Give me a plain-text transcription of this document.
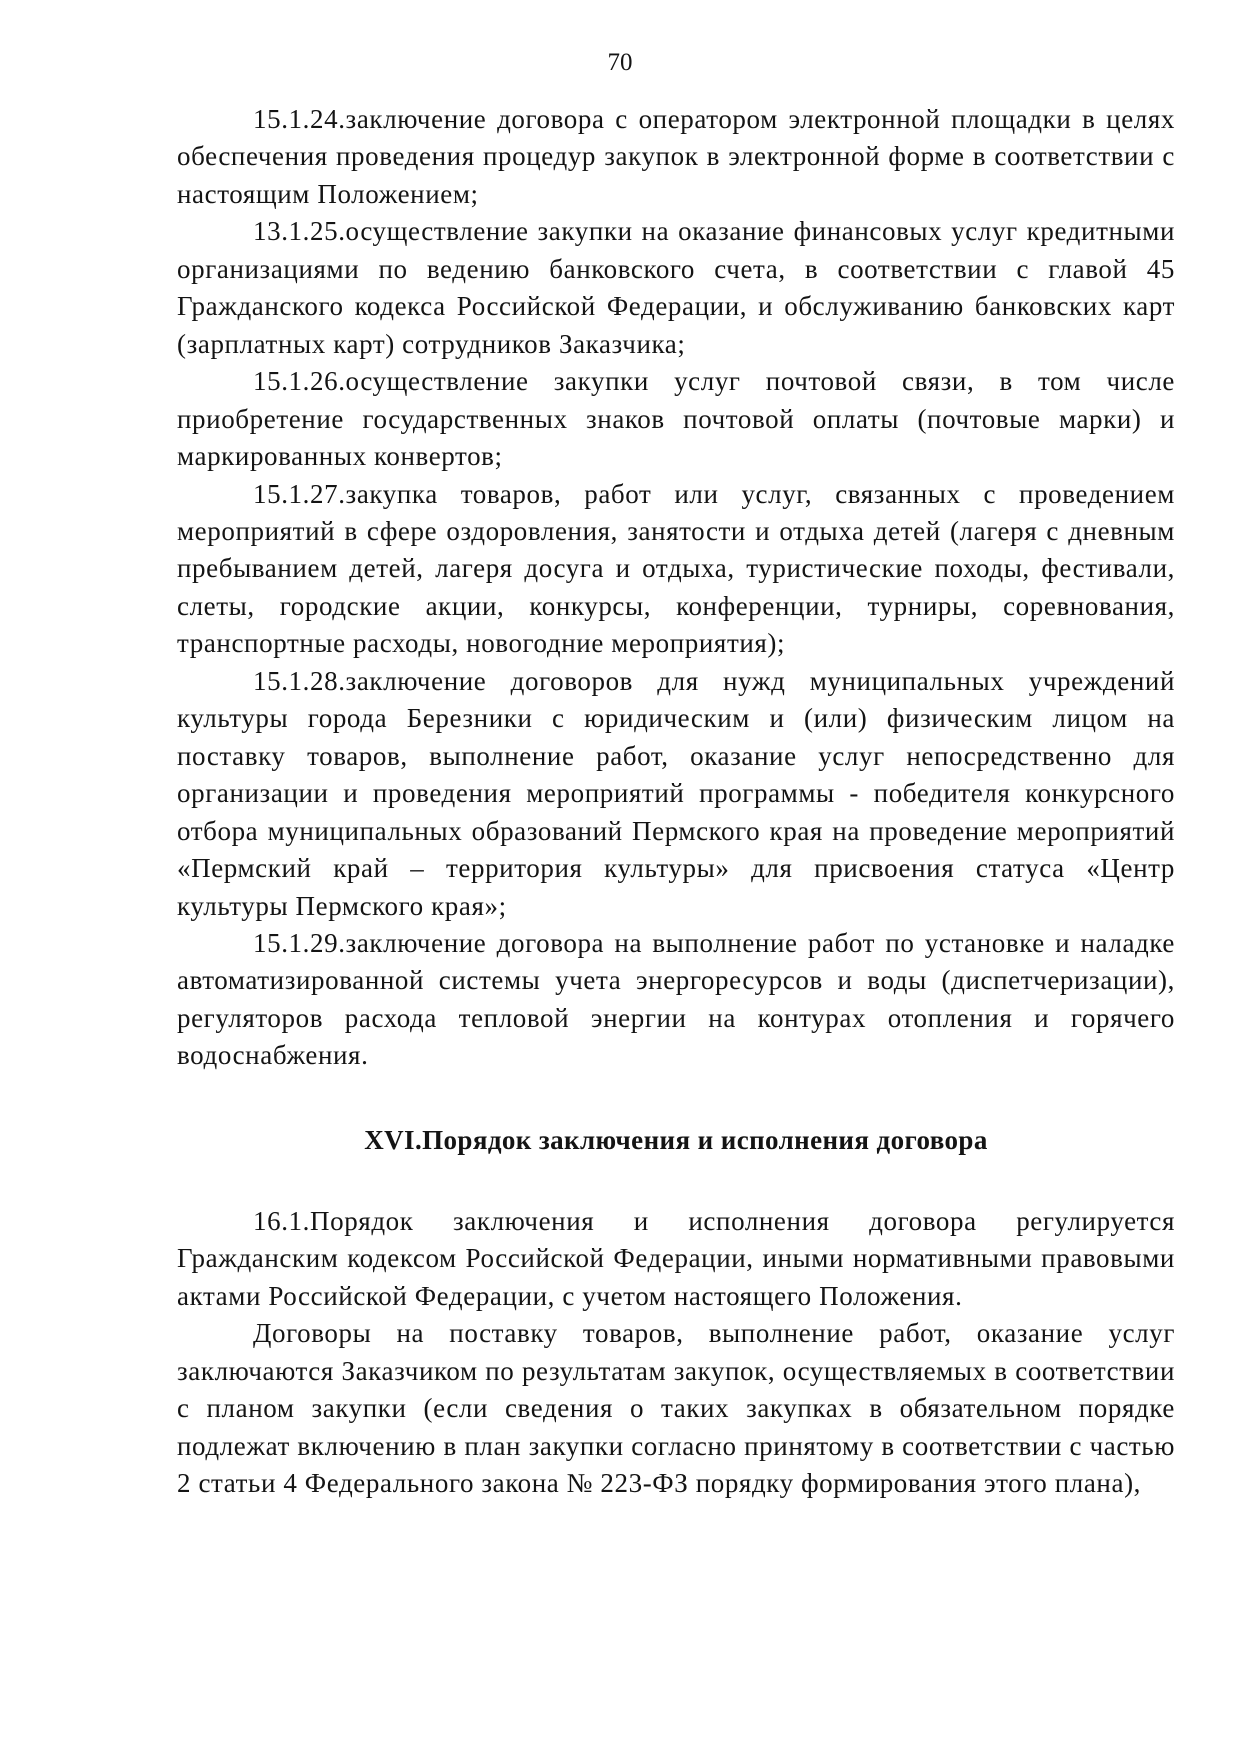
70

15.1.24.заключение договора с оператором электронной площадки в целях обеспечения проведения процедур закупок в электронной форме в соответствии с настоящим Положением;

13.1.25.осуществление закупки на оказание финансовых услуг кредитными организациями по ведению банковского счета, в соответствии с главой 45 Гражданского кодекса Российской Федерации, и обслуживанию банковских карт (зарплатных карт) сотрудников Заказчика;

15.1.26.осуществление закупки услуг почтовой связи, в том числе приобретение государственных знаков почтовой оплаты (почтовые марки) и маркированных конвертов;

15.1.27.закупка товаров, работ или услуг, связанных с проведением мероприятий в сфере оздоровления, занятости и отдыха детей (лагеря с дневным пребыванием детей, лагеря досуга и отдыха, туристические походы, фестивали, слеты, городские акции, конкурсы, конференции, турниры, соревнования, транспортные расходы, новогодние мероприятия);

15.1.28.заключение договоров для нужд муниципальных учреждений культуры города Березники с юридическим и (или) физическим лицом на поставку товаров, выполнение работ, оказание услуг непосредственно для организации и проведения мероприятий программы - победителя конкурсного отбора муниципальных образований Пермского края на проведение мероприятий «Пермский край – территория культуры» для присвоения статуса «Центр культуры Пермского края»;

15.1.29.заключение договора на выполнение работ по установке и наладке автоматизированной системы учета энергоресурсов и воды (диспетчеризации), регуляторов расхода тепловой энергии на контурах отопления и горячего водоснабжения.

XVI.Порядок заключения и исполнения договора

16.1.Порядок заключения и исполнения договора регулируется Гражданским кодексом Российской Федерации, иными нормативными правовыми актами Российской Федерации, с учетом настоящего Положения.

Договоры на поставку товаров, выполнение работ, оказание услуг заключаются Заказчиком по результатам закупок, осуществляемых в соответствии с планом закупки (если сведения о таких закупках в обязательном порядке подлежат включению в план закупки согласно принятому в соответствии с частью 2 статьи 4 Федерального закона № 223-ФЗ порядку формирования этого плана),
